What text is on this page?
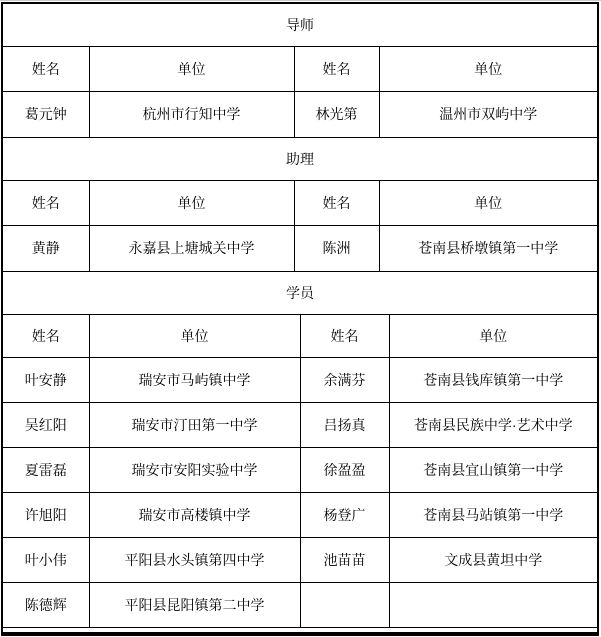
导师			
姓名	单位	姓名	单位
葛元钟	杭州市行知中学	林光第	温州市双屿中学
助理			
姓名	单位	姓名	单位
黄静	永嘉县上塘城关中学	陈洲	苍南县桥墩镇第一中学
学员			
姓名	单位	姓名	单位
叶安静	瑞安市马屿镇中学	余满芬	苍南县钱库镇第一中学
吴红阳	瑞安市汀田第一中学	吕扬真	苍南县民族中学·艺术中学
夏雷磊	瑞安市安阳实验中学	徐盈盈	苍南县宜山镇第一中学
许旭阳	瑞安市高楼镇中学	杨登广	苍南县马站镇第一中学
叶小伟	平阳县水头镇第四中学	池苗苗	文成县黄坦中学
陈德辉	平阳县昆阳镇第二中学		
